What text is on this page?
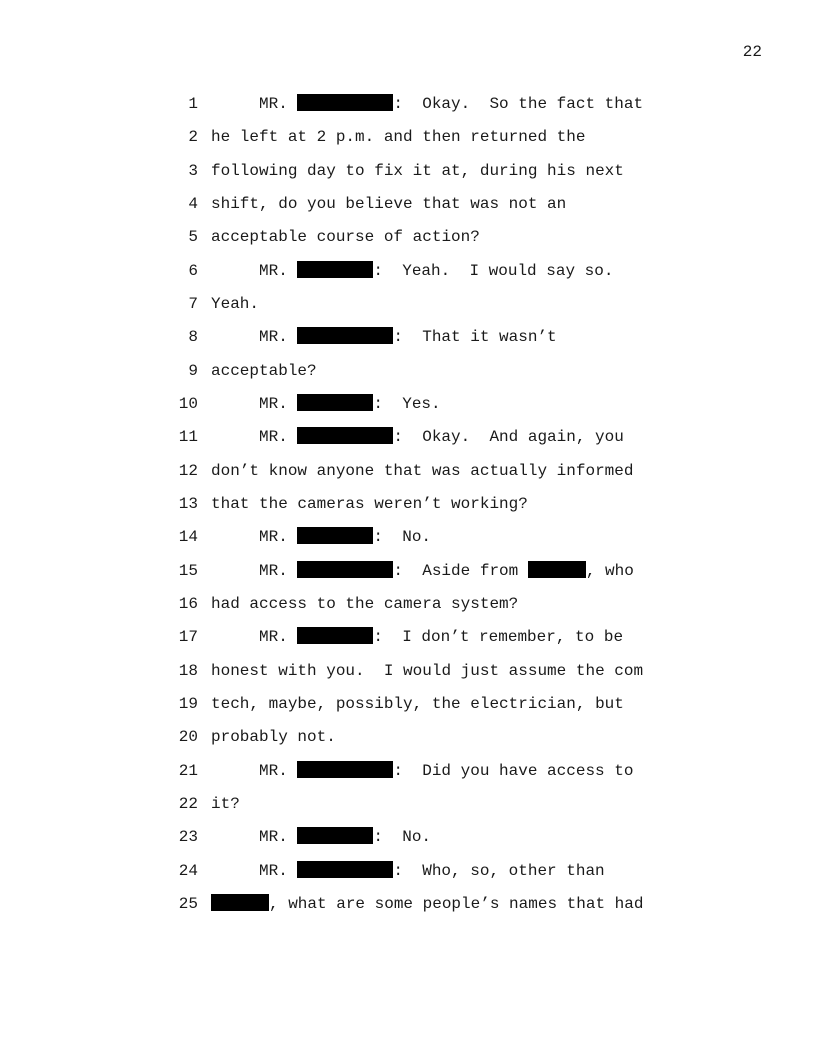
22
1 MR.	:  Okay.  So the fact that
2 he left at 2 p.m. and then returned the
3 following day to fix it at, during his next
4 shift, do you believe that was not an
5 acceptable course of action?
6 MR.	:  Yeah.  I would say so.
7 Yeah.
8 MR.	:  That it wasn’t
9 acceptable?
10 MR.	:  Yes.
11 MR.	:  Okay.  And again, you
12 don’t know anyone that was actually informed
13 that the cameras weren’t working?
14 MR.	:  No.
15 MR.	:  Aside from	, who
16 had access to the camera system?
17 MR.	:  I don’t remember, to be
18 honest with you.  I would just assume the com
19 tech, maybe, possibly, the electrician, but
20 probably not.
21 MR.	:  Did you have access to
22 it?
23 MR.	:  No.
24 MR.	:  Who, so, other than
25	, what are some people’s names that had
